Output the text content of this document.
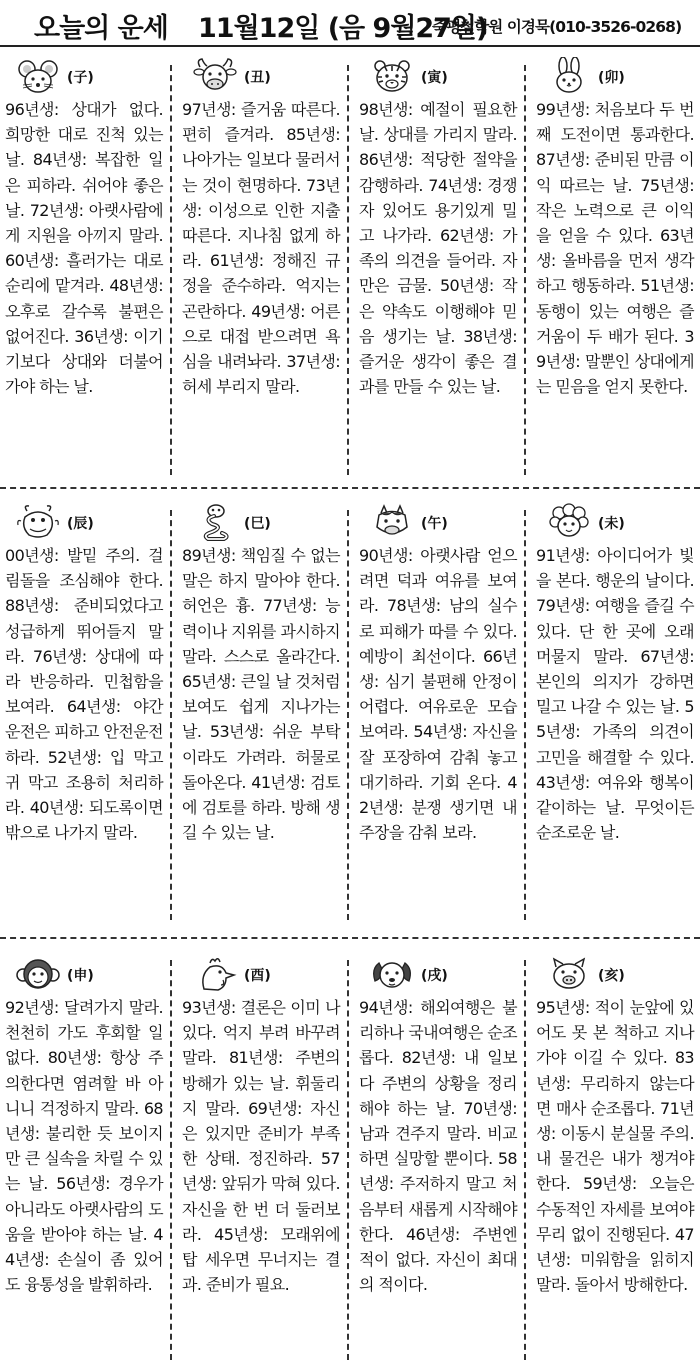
오늘의 운세 11월12일 (음 9월27일)
죽평철학원 이경묵(010-3526-0268)
(子)
96년생: 상대가 없다. 희망한 대로 진척 있는 날. 84년생: 복잡한 일은 피하라. 쉬어야 좋은 날. 72년생: 아랫사람에게 지원을 아끼지 말라. 60년생: 흘러가는 대로 순리에 맡겨라. 48년생: 오후로 갈수록 불편은 없어진다. 36년생: 이기기보다 상대와 더불어 가야 하는 날.
(丑)
97년생: 즐거움 따른다. 편히 즐겨라. 85년생: 나아가는 일보다 물러서는 것이 현명하다. 73년생: 이성으로 인한 지출 따른다. 지나침 없게 하라. 61년생: 정해진 규정을 준수하라. 억지는 곤란하다. 49년생: 어른으로 대접 받으려면 욕심을 내려놔라. 37년생: 허세 부리지 말라.
(寅)
98년생: 예절이 필요한 날. 상대를 가리지 말라. 86년생: 적당한 절약을 감행하라. 74년생: 경쟁자 있어도 용기있게 밀고 나가라. 62년생: 가족의 의견을 들어라. 자만은 금물. 50년생: 작은 약속도 이행해야 믿음 생기는 날. 38년생: 즐거운 생각이 좋은 결과를 만들 수 있는 날.
(卯)
99년생: 처음보다 두 번째 도전이면 통과한다. 87년생: 준비된 만큼 이익 따르는 날. 75년생: 작은 노력으로 큰 이익을 얻을 수 있다. 63년생: 올바름을 먼저 생각하고 행동하라. 51년생: 동행이 있는 여행은 즐거움이 두 배가 된다. 39년생: 말뿐인 상대에게는 믿음을 얻지 못한다.
(辰)
00년생: 발밑 주의. 걸림돌을 조심해야 한다. 88년생: 준비되었다고 성급하게 뛰어들지 말라. 76년생: 상대에 따라 반응하라. 민첩함을 보여라. 64년생: 야간 운전은 피하고 안전운전하라. 52년생: 입 막고 귀 막고 조용히 처리하라. 40년생: 되도록이면 밖으로 나가지 말라.
(巳)
89년생: 책임질 수 없는 말은 하지 말아야 한다. 허언은 흉. 77년생: 능력이나 지위를 과시하지 말라. 스스로 올라간다. 65년생: 큰일 날 것처럼 보여도 쉽게 지나가는 날. 53년생: 쉬운 부탁이라도 가려라. 허물로 돌아온다. 41년생: 검토에 검토를 하라. 방해 생길 수 있는 날.
(午)
90년생: 아랫사람 얻으려면 덕과 여유를 보여라. 78년생: 남의 실수로 피해가 따를 수 있다. 예방이 최선이다. 66년생: 심기 불편해 안정이 어렵다. 여유로운 모습 보여라. 54년생: 자신을 잘 포장하여 감춰 놓고 대기하라. 기회 온다. 42년생: 분쟁 생기면 내 주장을 감춰 보라.
(未)
91년생: 아이디어가 빛을 본다. 행운의 날이다. 79년생: 여행을 즐길 수 있다. 단 한 곳에 오래 머물지 말라. 67년생: 본인의 의지가 강하면 밀고 나갈 수 있는 날. 55년생: 가족의 의견이 고민을 해결할 수 있다. 43년생: 여유와 행복이 같이하는 날. 무엇이든 순조로운 날.
(申)
92년생: 달려가지 말라. 천천히 가도 후회할 일 없다. 80년생: 항상 주의한다면 염려할 바 아니니 걱정하지 말라. 68년생: 불리한 듯 보이지만 큰 실속을 차릴 수 있는 날. 56년생: 경우가 아니라도 아랫사람의 도움을 받아야 하는 날. 44년생: 손실이 좀 있어도 융통성을 발휘하라.
(酉)
93년생: 결론은 이미 나있다. 억지 부려 바꾸려 말라. 81년생: 주변의 방해가 있는 날. 휘둘리지 말라. 69년생: 자신은 있지만 준비가 부족한 상태. 정진하라. 57년생: 앞뒤가 막혀 있다. 자신을 한 번 더 둘러보라. 45년생: 모래위에 탑 세우면 무너지는 결과. 준비가 필요.
(戌)
94년생: 해외여행은 불리하나 국내여행은 순조롭다. 82년생: 내 일보다 주변의 상황을 정리해야 하는 날. 70년생: 남과 견주지 말라. 비교하면 실망할 뿐이다. 58년생: 주저하지 말고 처음부터 새롭게 시작해야 한다. 46년생: 주변엔 적이 없다. 자신이 최대의 적이다.
(亥)
95년생: 적이 눈앞에 있어도 못 본 척하고 지나가야 이길 수 있다. 83년생: 무리하지 않는다면 매사 순조롭다. 71년생: 이동시 분실물 주의. 내 물건은 내가 챙겨야 한다. 59년생: 오늘은 수동적인 자세를 보여야 무리 없이 진행된다. 47년생: 미워함을 읽히지 말라. 돌아서 방해한다.
